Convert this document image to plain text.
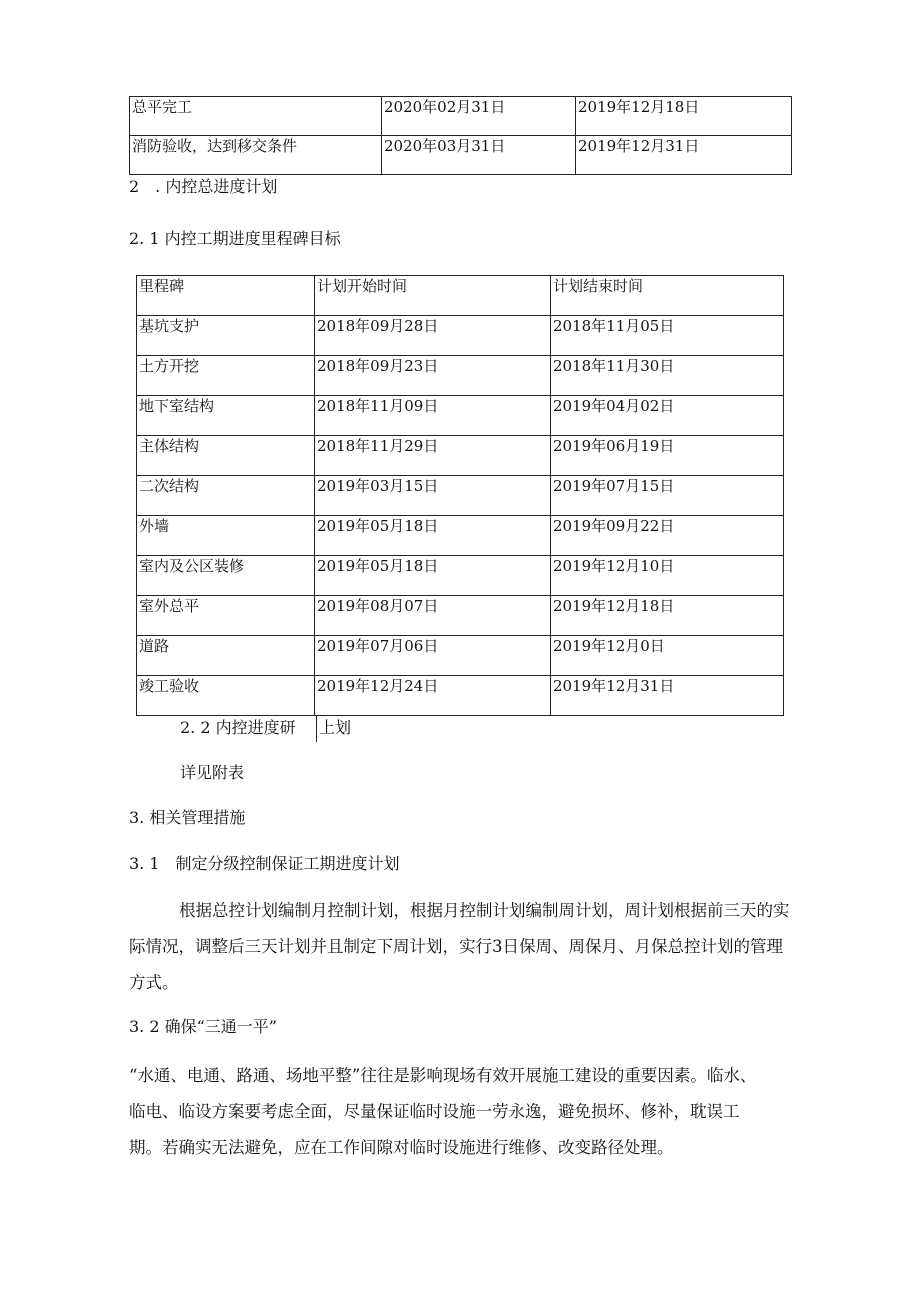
总平完工	2020年02月31日	2019年12月18日
消防验收，达到移交条件	2020年03月31日	2019年12月31日
2　. 内控总进度计划
2. 1 内控工期进度里程碑目标
里程碑	计划开始时间	计划结束时间
基坑支护	2018年09月28日	2018年11月05日
土方开挖	2018年09月23日	2018年11月30日
地下室结构	2018年11月09日	2019年04月02日
主体结构	2018年11月29日	2019年06月19日
二次结构	2019年03月15日	2019年07月15日
外墙	2019年05月18日	2019年09月22日
室内及公区装修	2019年05月18日	2019年12月10日
室外总平	2019年08月07日	2019年12月18日
道路	2019年07月06日	2019年12月0日
竣工验收	2019年12月24日	2019年12月31日
2. 2 内控进度研 上划
详见附表
3. 相关管理措施
3. 1　制定分级控制保证工期进度计划
根据总控计划编制月控制计划，根据月控制计划编制周计划，周计划根据前三天的实际情况，调整后三天计划并且制定下周计划，实行3日保周、周保月、月保总控计划的管理方式。
3. 2 确保“三通一平”
“水通、电通、路通、场地平整”往往是影响现场有效开展施工建设的重要因素。临水、临电、临设方案要考虑全面，尽量保证临时设施一劳永逸，避免损坏、修补，耽误工期。若确实无法避免，应在工作间隙对临时设施进行维修、改变路径处理。
